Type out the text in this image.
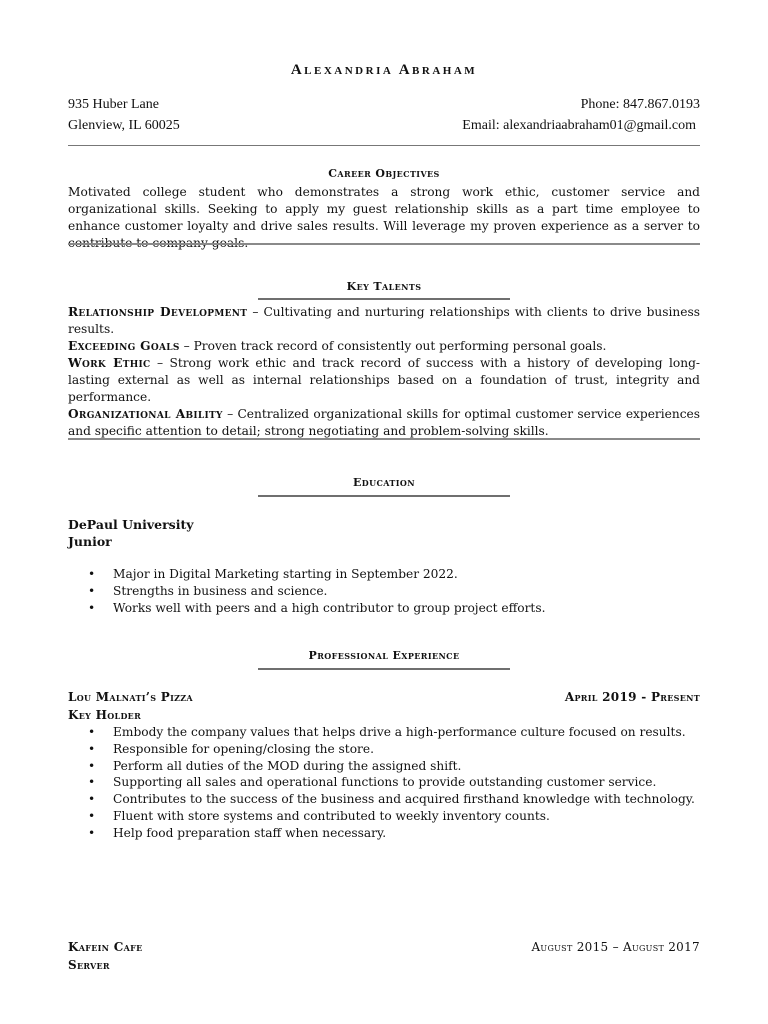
Alexandria Abraham
935 Huber Lane	Phone: 847.867.0193
Glenview, IL 60025	Email: alexandriaabraham01@gmail.com
Career Objectives
Motivated college student who demonstrates a strong work ethic, customer service and organizational skills. Seeking to apply my guest relationship skills as a part time employee to enhance customer loyalty and drive sales results. Will leverage my proven experience as a server to
Key Talents
Relationship Development – Cultivating and nurturing relationships with clients to drive business results.
Exceeding Goals – Proven track record of consistently out performing personal goals.
Work Ethic – Strong work ethic and track record of success with a history of developing long-lasting external as well as internal relationships based on a foundation of trust, integrity and performance.
Organizational Ability – Centralized organizational skills for optimal customer service experiences and specific attention to detail; strong negotiating and problem-solving skills.
Education
DePaul University
Junior
• Major in Digital Marketing starting in September 2022.
• Strengths in business and science.
• Works well with peers and a high contributor to group project efforts.
Professional Experience
Lou Malnati’s Pizza	April 2019 - Present
Key Holder
• Embody the company values that helps drive a high-performance culture focused on results.
• Responsible for opening/closing the store.
• Perform all duties of the MOD during the assigned shift.
• Supporting all sales and operational functions to provide outstanding customer service.
• Contributes to the success of the business and acquired firsthand knowledge with technology.
• Fluent with store systems and contributed to weekly inventory counts.
• Help food preparation staff when necessary.
Kafein Cafe	August 2015 – August 2017
Server
